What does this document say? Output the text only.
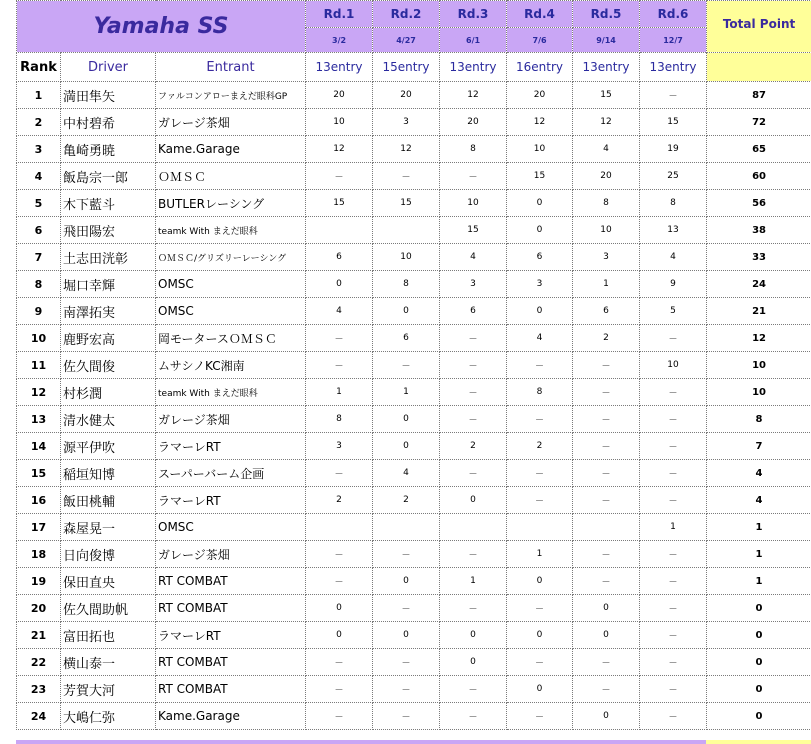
Yamaha SS			Rd.1	Rd.2	Rd.3	Rd.4	Rd.5	Rd.6	Total Point
			3/2	4/27	6/1	7/6	9/14	12/7	
Rank	Driver	Entrant	13entry	15entry	13entry	16entry	13entry	13entry	
1	満田隼矢	ファルコンアローまえだ眼科GP	20	20	12	20	15	－	87
2	中村碧希	ガレージ茶畑	10	3	20	12	12	15	72
3	亀崎勇暁	Kame.Garage	12	12	8	10	4	19	65
4	飯島宗一郎	ＯＭＳＣ	－	－	－	15	20	25	60
5	木下藍斗	BUTLERレーシング	15	15	10	0	8	8	56
6	飛田陽宏	teamk With まえだ眼科			15	0	10	13	38
7	土志田洸彰	ＯＭＳＣ/グリズリーレーシング	6	10	4	6	3	4	33
8	堀口幸輝	OMSC	0	8	3	3	1	9	24
9	南澤拓実	OMSC	4	0	6	0	6	5	21
10	鹿野宏高	岡モータースＯＭＳＣ	－	6	－	4	2	－	12
11	佐久間俊	ムサシノKC湘南	－	－	－	－	－	10	10
12	村杉潤	teamk With まえだ眼科	1	1	－	8	－	－	10
13	清水健太	ガレージ茶畑	8	0	－	－	－	－	8
14	源平伊吹	ラマーレRT	3	0	2	2	－	－	7
15	稲垣知博	スーパーバーム企画	－	4	－	－	－	－	4
16	飯田桃輔	ラマーレRT	2	2	0	－	－	－	4
17	森屋晃一	OMSC						1	1
18	日向俊博	ガレージ茶畑	－	－	－	1	－	－	1
19	保田直央	RT COMBAT	－	0	1	0	－	－	1
20	佐久間助帆	RT COMBAT	0	－	－	－	0	－	0
21	富田拓也	ラマーレRT	0	0	0	0	0	－	0
22	横山泰一	RT COMBAT	－	－	0	－	－	－	0
23	芳賀大河	RT COMBAT	－	－	－	0	－	－	0
24	大嶋仁弥	Kame.Garage	－	－	－	－	0	－	0
